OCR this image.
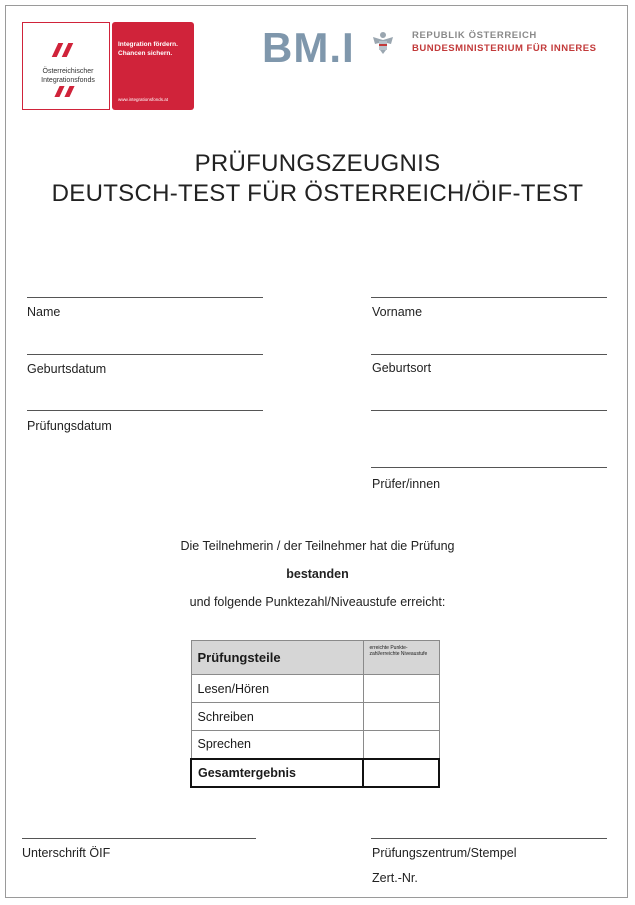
Österreichischer
Integrationsfonds
Integration fördern.
Chancen sichern.
www.integrationsfonds.at
BM.I	REPUBLIK ÖSTERREICH
BUNDESMINISTERIUM FÜR INNERES
PRÜFUNGSZEUGNIS
DEUTSCH-TEST FÜR ÖSTERREICH/ÖIF-TEST
Name	Vorname
Geburtsdatum	Geburtsort
Prüfungsdatum
Prüfer/innen
Die Teilnehmerin / der Teilnehmer hat die Prüfung
bestanden
und folgende Punktezahl/Niveaustufe erreicht:
Prüfungsteile	erreichte Punkte-zahl/erreichte Niveaustufe
Lesen/Hören	
Schreiben	
Sprechen	
Gesamtergebnis	
Unterschrift ÖIF	Prüfungszentrum/Stempel
Zert.-Nr.
